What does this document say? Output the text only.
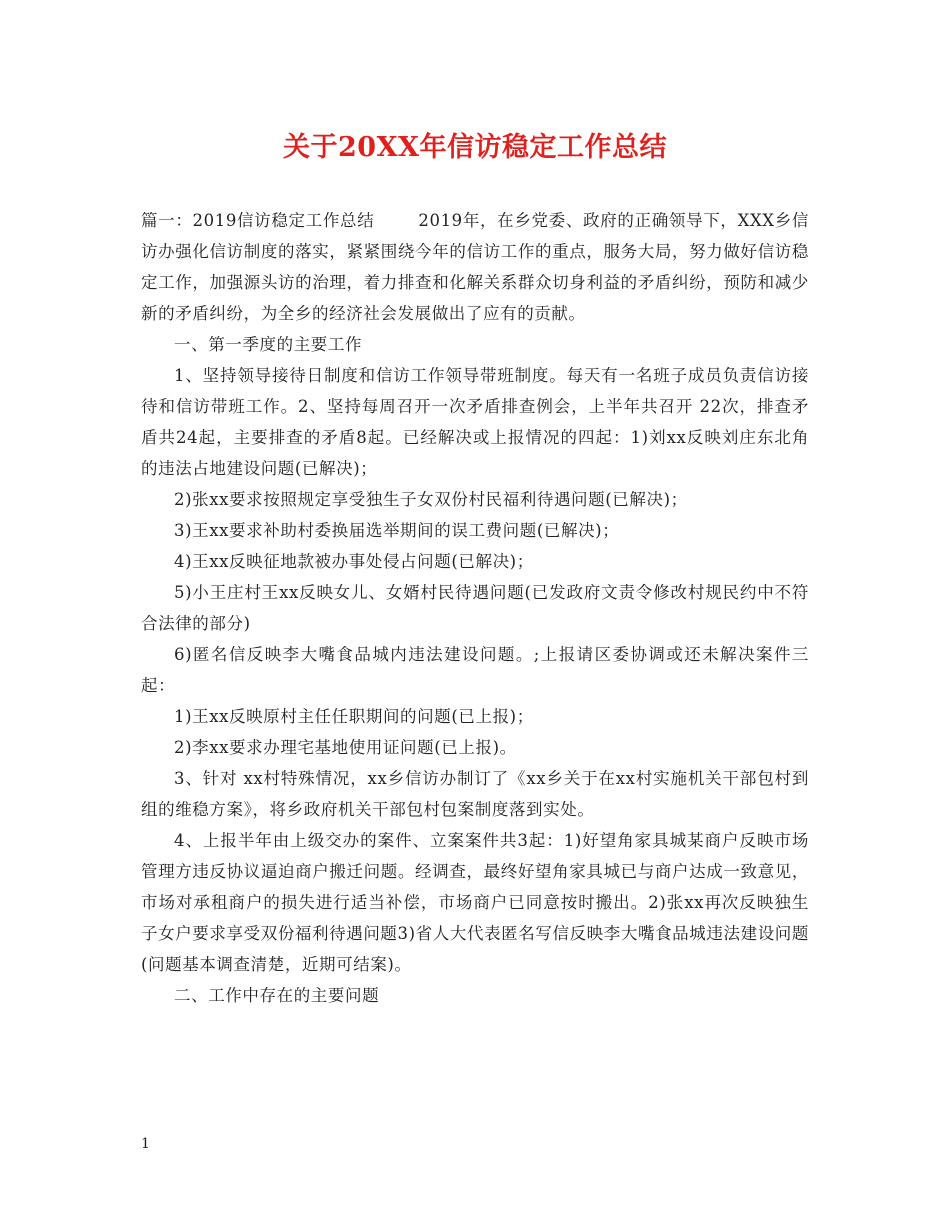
关于20XX年信访稳定工作总结

篇一：2019信访稳定工作总结	2019年，在乡党委、政府的正确领导下，XXX乡信访办强化信访制度的落实，紧紧围绕今年的信访工作的重点，服务大局，努力做好信访稳定工作，加强源头访的治理，着力排查和化解关系群众切身利益的矛盾纠纷，预防和减少新的矛盾纠纷，为全乡的经济社会发展做出了应有的贡献。

一、第一季度的主要工作

1、坚持领导接待日制度和信访工作领导带班制度。每天有一名班子成员负责信访接待和信访带班工作。2、坚持每周召开一次矛盾排查例会，上半年共召开 22次，排查矛盾共24起，主要排查的矛盾8起。已经解决或上报情况的四起：1)刘xx反映刘庄东北角的违法占地建设问题(已解决)；

2)张xx要求按照规定享受独生子女双份村民福利待遇问题(已解决)；

3)王xx要求补助村委换届选举期间的误工费问题(已解决)；

4)王xx反映征地款被办事处侵占问题(已解决)；

5)小王庄村王xx反映女儿、女婿村民待遇问题(已发政府文责令修改村规民约中不符合法律的部分)

6)匿名信反映李大嘴食品城内违法建设问题。;上报请区委协调或还未解决案件三起：

1)王xx反映原村主任任职期间的问题(已上报)；

2)李xx要求办理宅基地使用证问题(已上报)。

3、针对 xx村特殊情况，xx乡信访办制订了《xx乡关于在xx村实施机关干部包村到组的维稳方案》，将乡政府机关干部包村包案制度落到实处。

4、上报半年由上级交办的案件、立案案件共3起：1)好望角家具城某商户反映市场管理方违反协议逼迫商户搬迁问题。经调查，最终好望角家具城已与商户达成一致意见，市场对承租商户的损失进行适当补偿，市场商户已同意按时搬出。2)张xx再次反映独生子女户要求享受双份福利待遇问题3)省人大代表匿名写信反映李大嘴食品城违法建设问题(问题基本调查清楚，近期可结案)。

二、工作中存在的主要问题

1
